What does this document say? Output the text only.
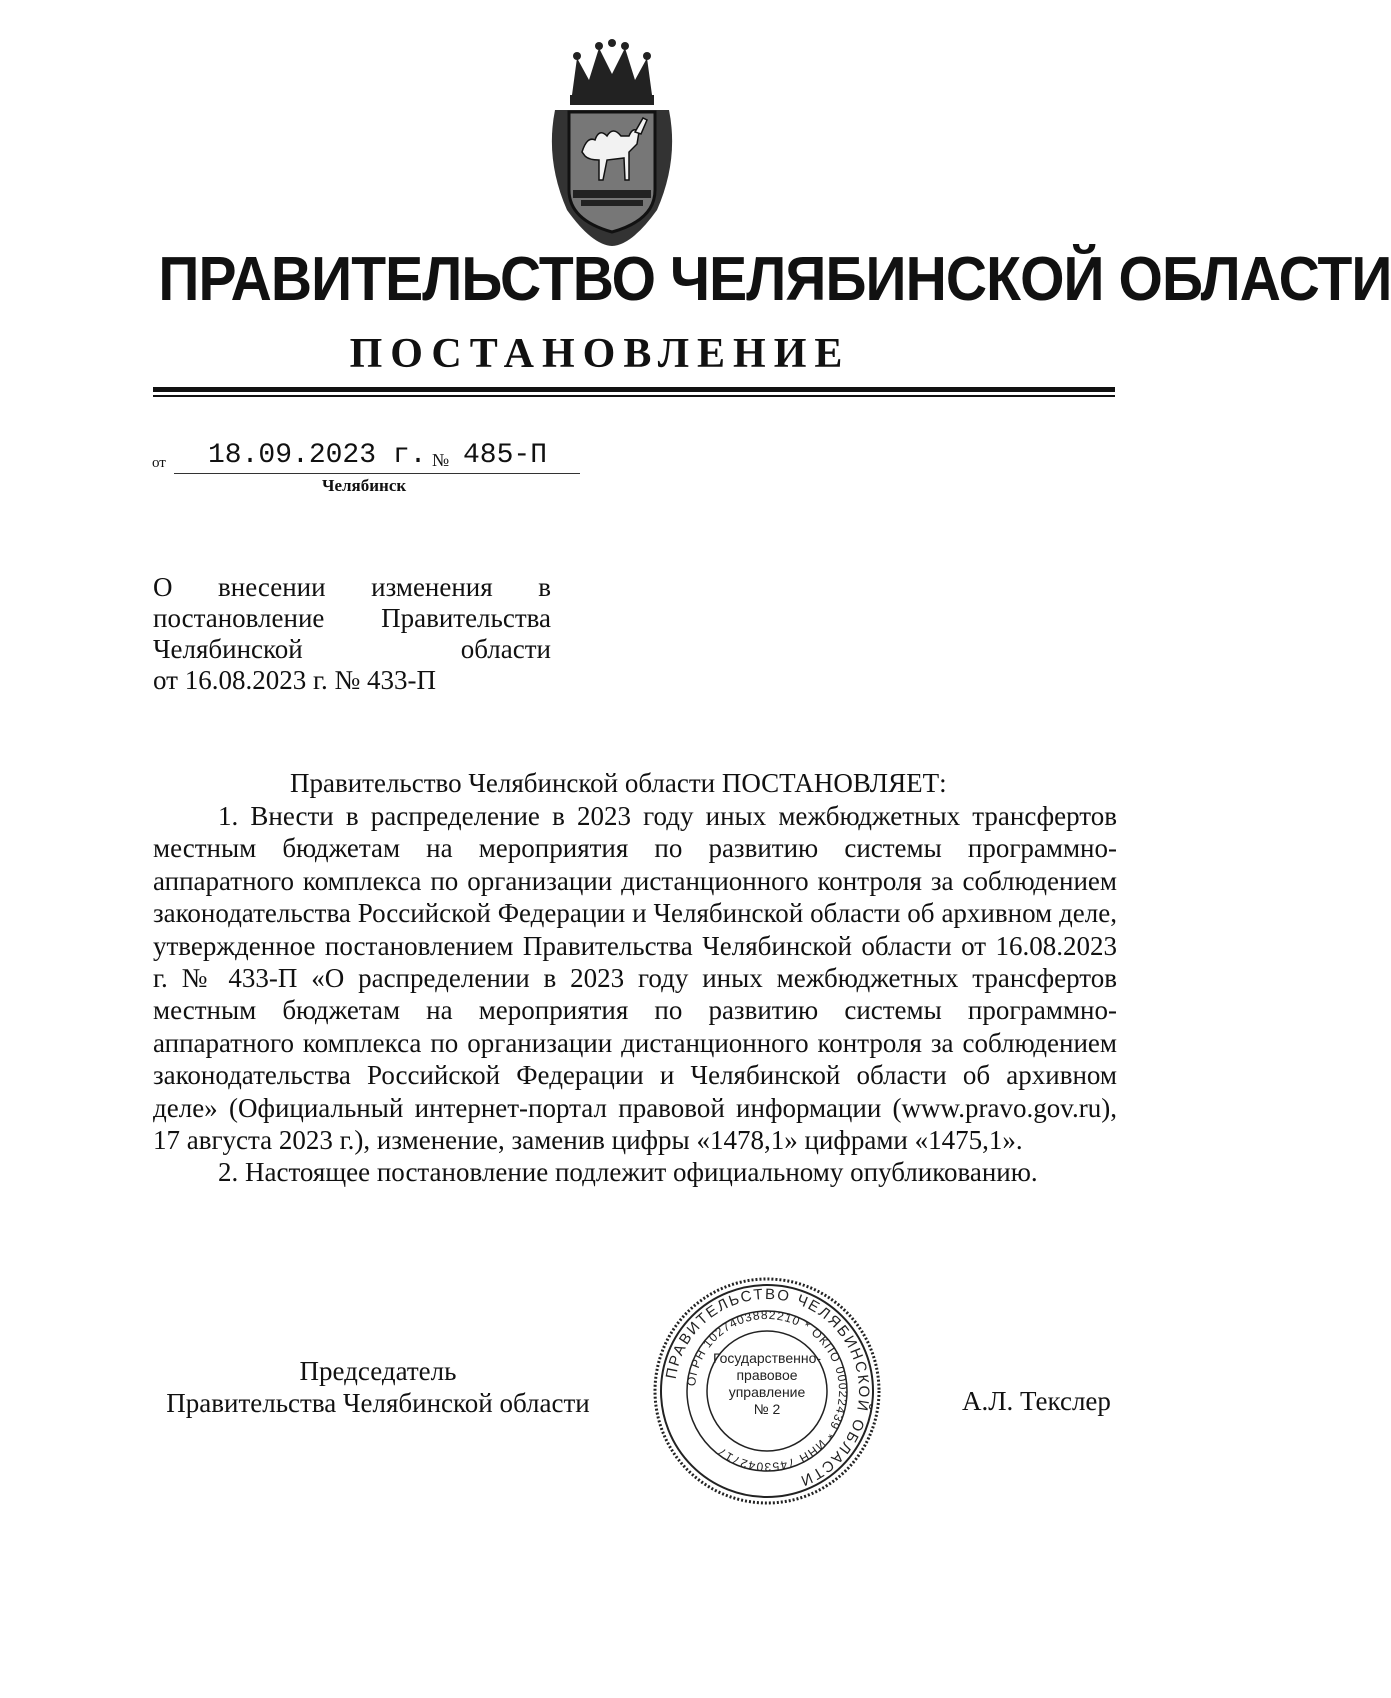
ПРАВИТЕЛЬСТВО ЧЕЛЯБИНСКОЙ ОБЛАСТИ
ПОСТАНОВЛЕНИЕ
от 18.09.2023 г. № 485-П
Челябинск
О внесении изменения в
постановление Правительства
Челябинской области
от 16.08.2023 г. № 433-П
Правительство Челябинской области ПОСТАНОВЛЯЕТ:

1. Внести в распределение в 2023 году иных межбюджетных трансфертов местным бюджетам на мероприятия по развитию системы программно-аппаратного комплекса по организации дистанционного контроля за соблюдением законодательства Российской Федерации и Челябинской области об архивном деле, утвержденное постановлением Правительства Челябинской области от 16.08.2023 г. № 433-П «О распределении в 2023 году иных межбюджетных трансфертов местным бюджетам на мероприятия по развитию системы программно-аппаратного комплекса по организации дистанционного контроля за соблюдением законодательства Российской Федерации и Челябинской области об архивном деле» (Официальный интернет-портал правовой информации (www.pravo.gov.ru), 17 августа 2023 г.), изменение, заменив цифры «1478,1» цифрами «1475,1».

2. Настоящее постановление подлежит официальному опубликованию.

Председатель
Правительства Челябинской области	А.Л. Текслер
ПРАВИТЕЛЬСТВО ЧЕЛЯБИНСКОЙ ОБЛАСТИ
ОГРН 1027403882210 * ОКПО 00022439 * ИНН 7453042717
Государственно-
правовое
управление
№ 2
